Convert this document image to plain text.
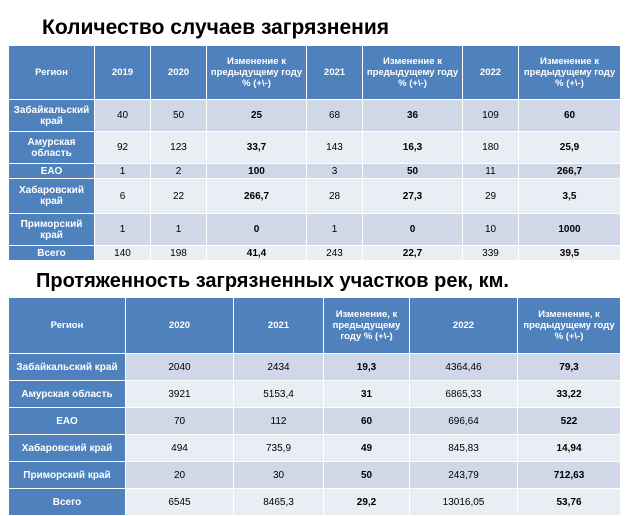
Количество случаев загрязнения
Регион	2019	2020	Изменение к предыдущему году % (+\-)	2021	Изменение к предыдущему году % (+\-)	2022	Изменение к предыдущему году % (+\-)
Забайкальский край	40	50	25	68	36	109	60
Амурская область	92	123	33,7	143	16,3	180	25,9
ЕАО	1	2	100	3	50	11	266,7
Хабаровский край	6	22	266,7	28	27,3	29	3,5
Приморский край	1	1	0	1	0	10	1000
Всего	140	198	41,4	243	22,7	339	39,5
Протяженность загрязненных участков рек, км.
Регион	2020	2021	Изменение, к предыдущему году % (+\-)	2022	Изменение, к предыдущему году % (+\-)
Забайкальский край	2040	2434	19,3	4364,46	79,3
Амурская область	3921	5153,4	31	6865,33	33,22
ЕАО	70	112	60	696,64	522
Хабаровский край	494	735,9	49	845,83	14,94
Приморский край	20	30	50	243,79	712,63
Всего	6545	8465,3	29,2	13016,05	53,76
